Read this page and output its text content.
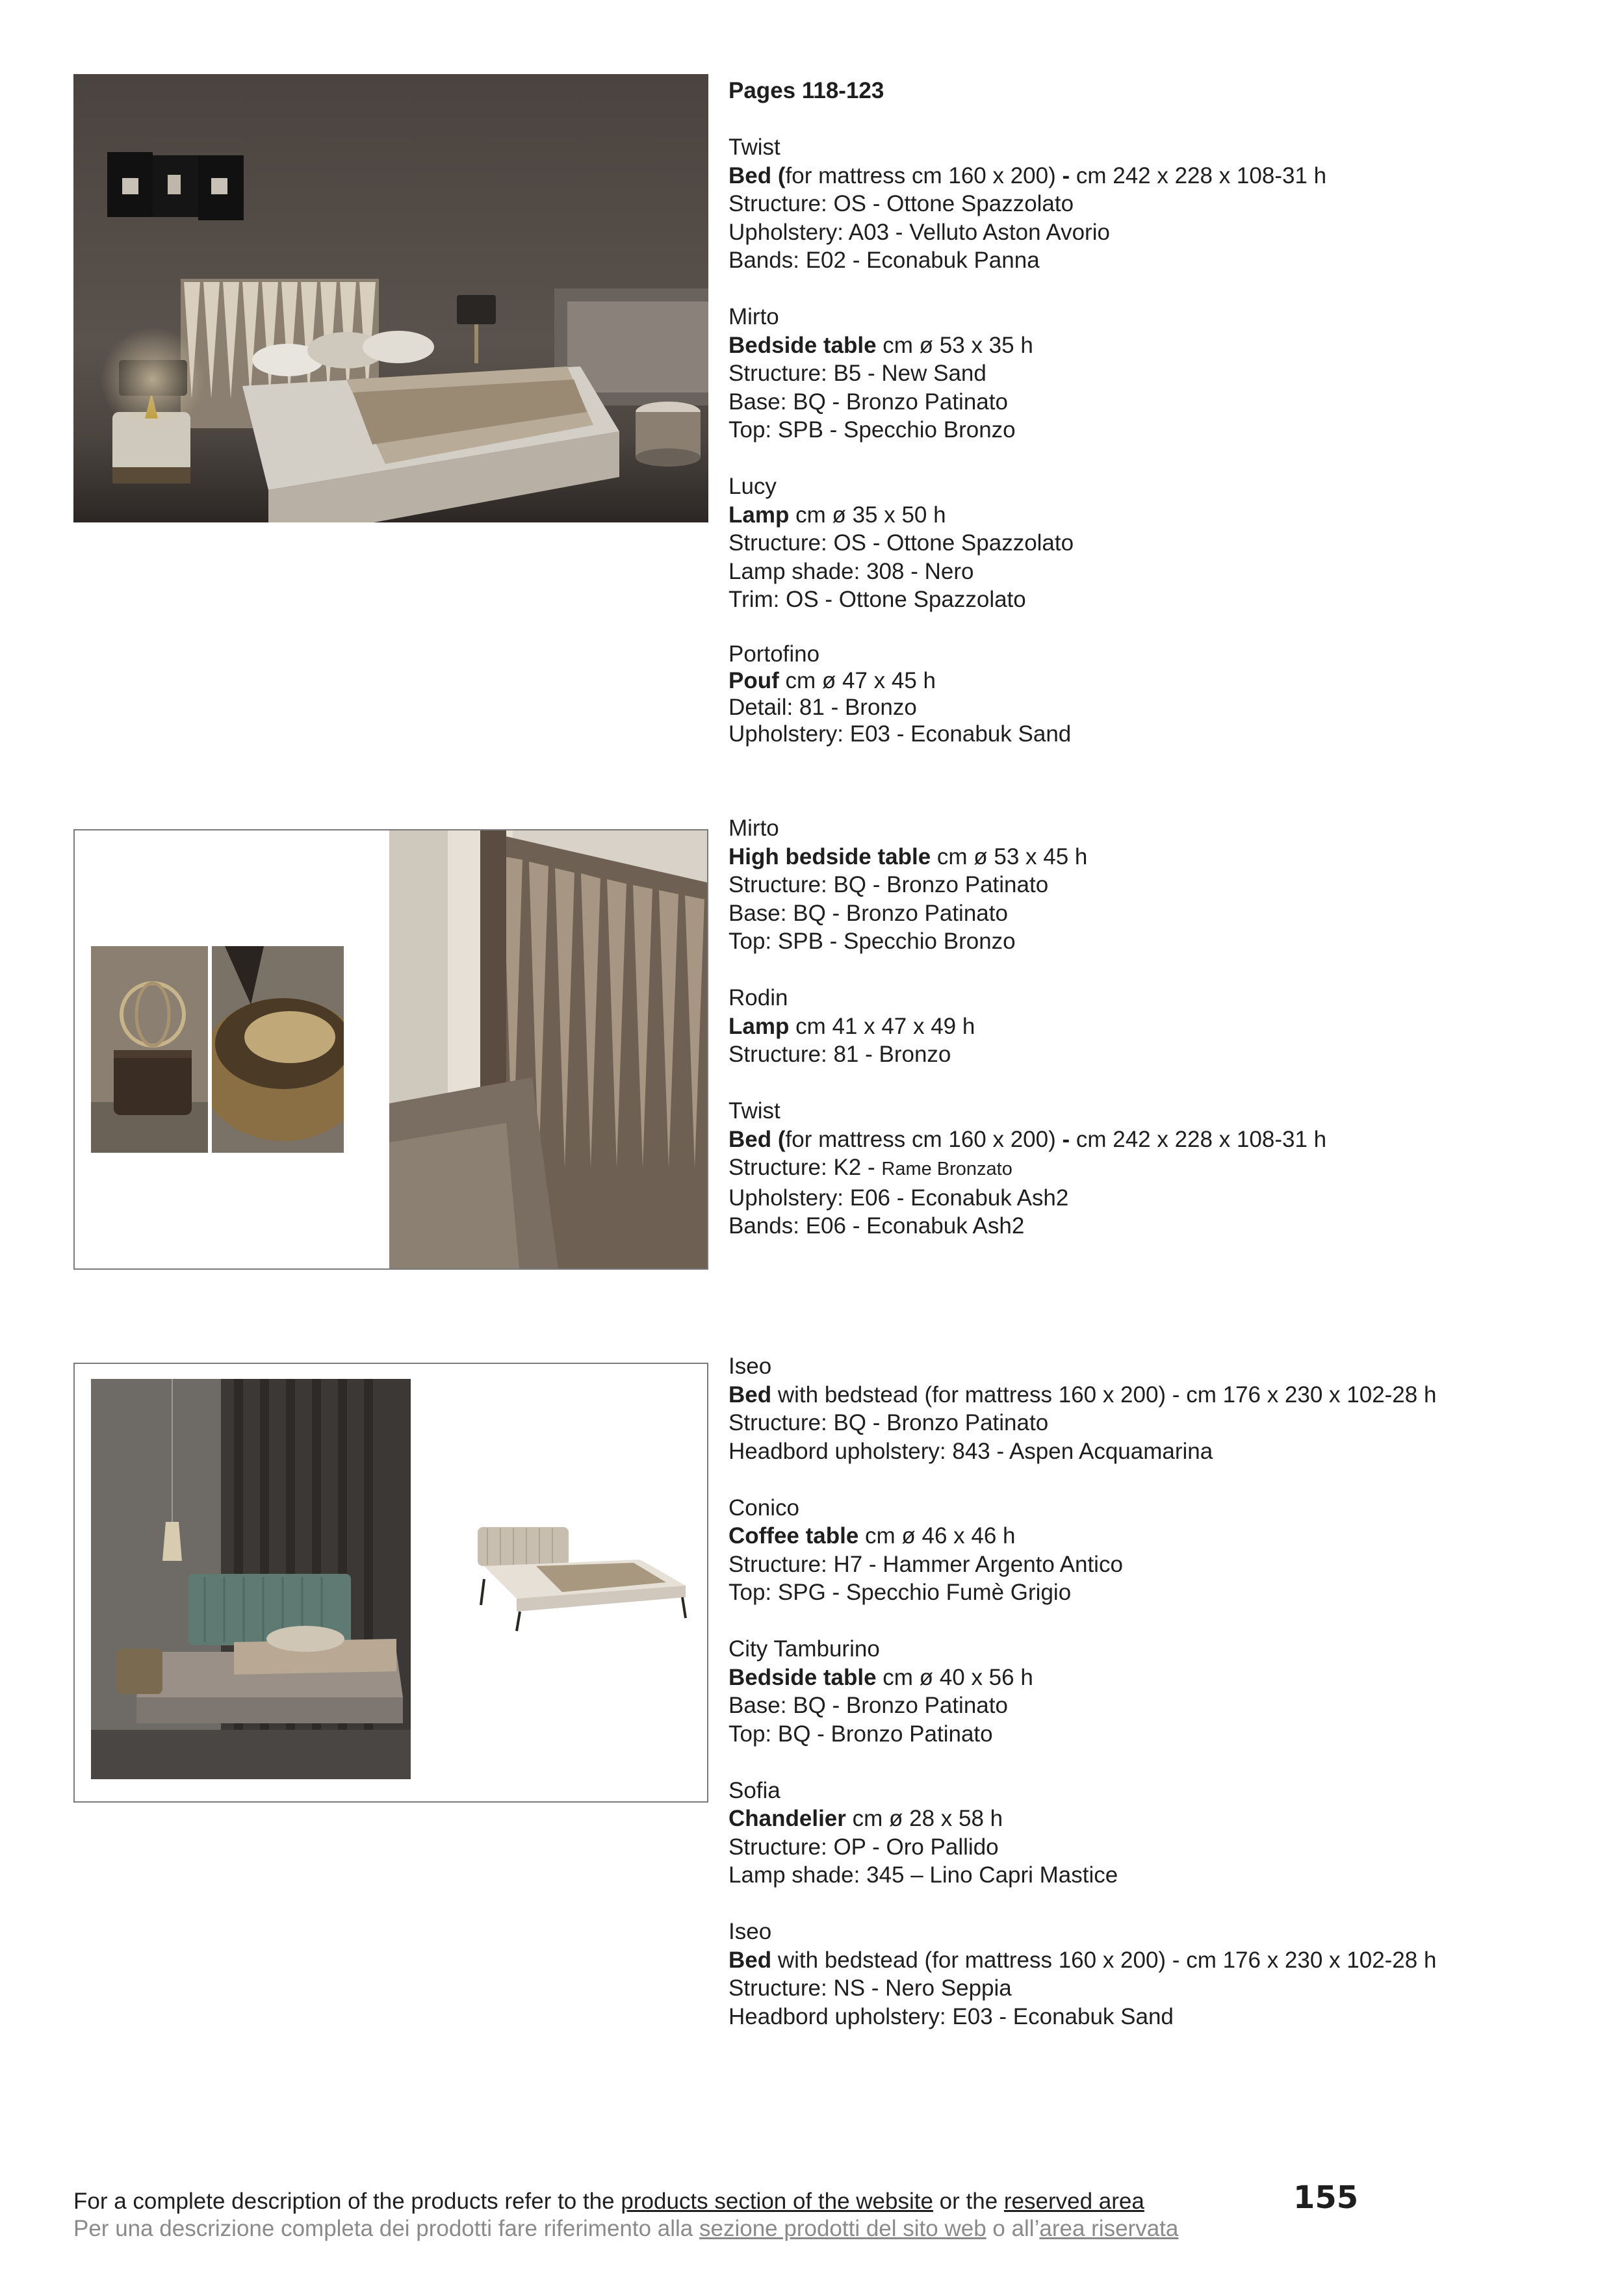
Pages 118-123

Twist

Bed (for mattress cm 160 x 200) - cm 242 x 228 x 108-31 h

Structure: OS - Ottone Spazzolato

Upholstery: A03 - Velluto Aston Avorio

Bands: E02 - Econabuk Panna

Mirto

Bedside table cm ø 53 x 35 h

Structure: B5 - New Sand

Base: BQ - Bronzo Patinato

Top: SPB - Specchio Bronzo

Lucy

Lamp cm ø 35 x 50 h

Structure: OS - Ottone Spazzolato

Lamp shade: 308 - Nero

Trim: OS - Ottone Spazzolato

Portofino

Pouf cm ø 47 x 45 h

Detail: 81 - Bronzo

Upholstery: E03 - Econabuk Sand

Mirto

High bedside table cm ø 53 x 45 h

Structure: BQ - Bronzo Patinato

Base: BQ - Bronzo Patinato

Top: SPB - Specchio Bronzo

Rodin

Lamp cm 41 x 47 x 49 h

Structure: 81 - Bronzo

Twist

Bed (for mattress cm 160 x 200) - cm 242 x 228 x 108-31 h

Structure: K2 - Rame Bronzato

Upholstery: E06 - Econabuk Ash2

Bands: E06 - Econabuk Ash2

Iseo

Bed with bedstead (for mattress 160 x 200) - cm 176 x 230 x 102-28 h

Structure: BQ - Bronzo Patinato

Headbord upholstery: 843 - Aspen Acquamarina

Conico

Coffee table cm ø 46 x 46 h

Structure: H7 - Hammer Argento Antico

Top: SPG - Specchio Fumè Grigio

City Tamburino

Bedside table cm ø 40 x 56 h

Base: BQ - Bronzo Patinato

Top: BQ - Bronzo Patinato

Sofia

Chandelier cm ø 28 x 58 h

Structure: OP - Oro Pallido

Lamp shade: 345 – Lino Capri Mastice

Iseo

Bed with bedstead (for mattress 160 x 200) - cm 176 x 230 x 102-28 h

Structure: NS - Nero Seppia

Headbord upholstery: E03 - Econabuk Sand

For a complete description of the products refer to the products section of the website or the reserved area
Per una descrizione completa dei prodotti fare riferimento alla sezione prodotti del sito web o all’area riservata
155
